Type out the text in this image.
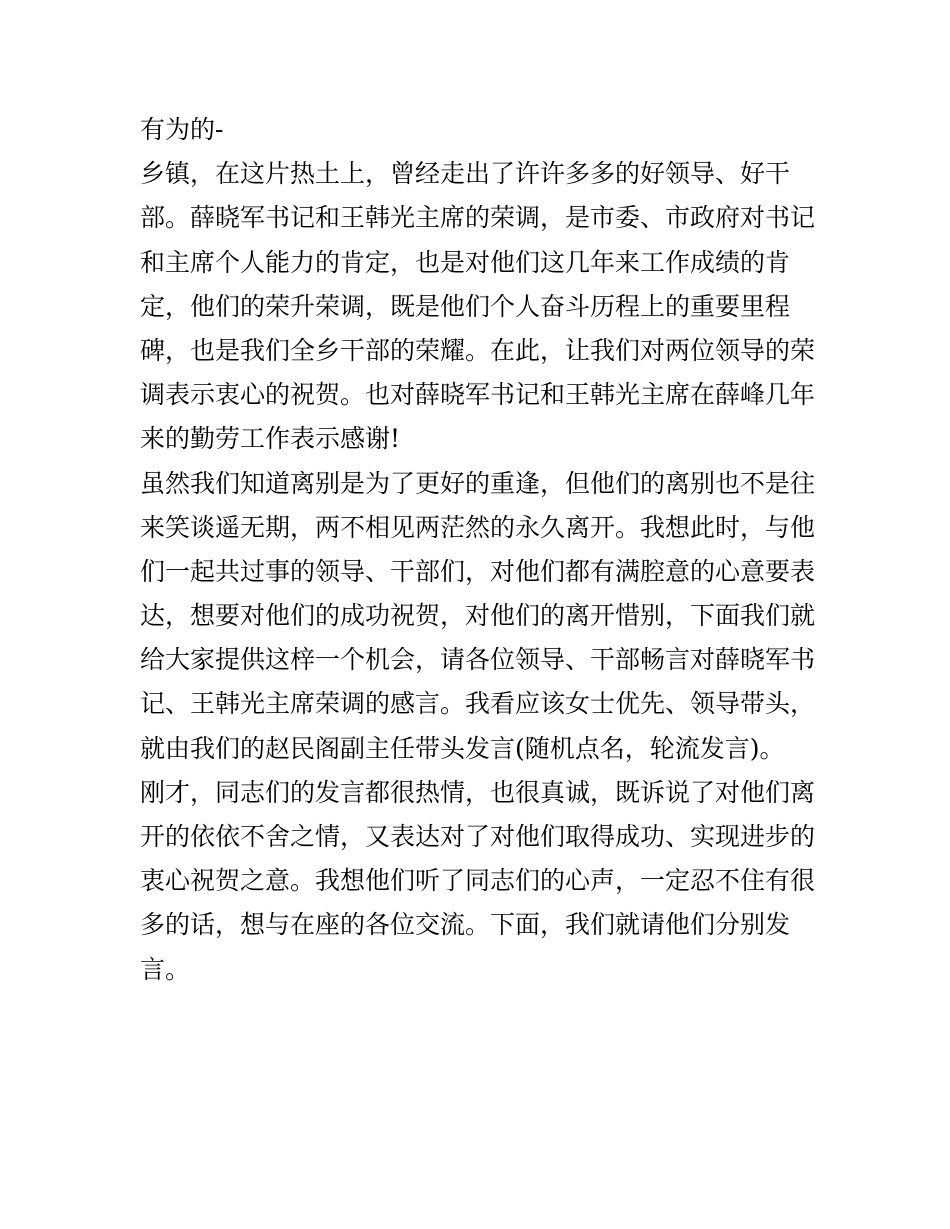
有为的-
乡镇，在这片热土上，曾经走出了许许多多的好领导、好干
部。薛晓军书记和王韩光主席的荣调，是市委、市政府对书记
和主席个人能力的肯定，也是对他们这几年来工作成绩的肯
定，他们的荣升荣调，既是他们个人奋斗历程上的重要里程
碑，也是我们全乡干部的荣耀。在此，让我们对两位领导的荣
调表示衷心的祝贺。也对薛晓军书记和王韩光主席在薛峰几年
来的勤劳工作表示感谢!
虽然我们知道离别是为了更好的重逢，但他们的离别也不是往
来笑谈遥无期，两不相见两茫然的永久离开。我想此时，与他
们一起共过事的领导、干部们，对他们都有满腔意的心意要表
达，想要对他们的成功祝贺，对他们的离开惜别，下面我们就
给大家提供这梓一个机会，请各位领导、干部畅言对薛晓军书
记、王韩光主席荣调的感言。我看应该女士优先、领导带头，
就由我们的赵民阁副主任带头发言(随机点名，轮流发言)。
刚才，同志们的发言都很热情，也很真诚，既诉说了对他们离
开的依依不舍之情，又表达对了对他们取得成功、实现进步的
衷心祝贺之意。我想他们听了同志们的心声，一定忍不住有很
多的话，想与在座的各位交流。下面，我们就请他们分别发
言。
